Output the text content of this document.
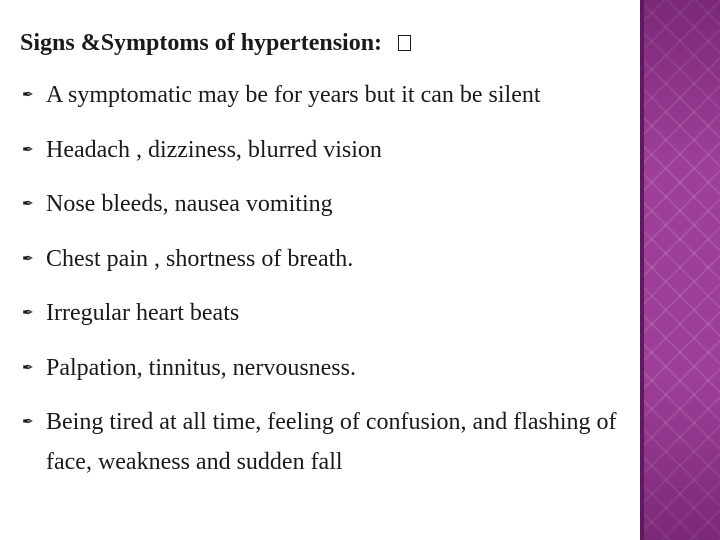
Signs &Symptoms of hypertension:
✒ A symptomatic may be for years but it can be silent
✒ Headach , dizziness, blurred vision
✒ Nose bleeds, nausea vomiting
✒ Chest pain , shortness of breath.
✒ Irregular heart beats
✒ Palpation, tinnitus, nervousness.
✒ Being tired at all time, feeling of confusion, and flashing of face, weakness and sudden fall
